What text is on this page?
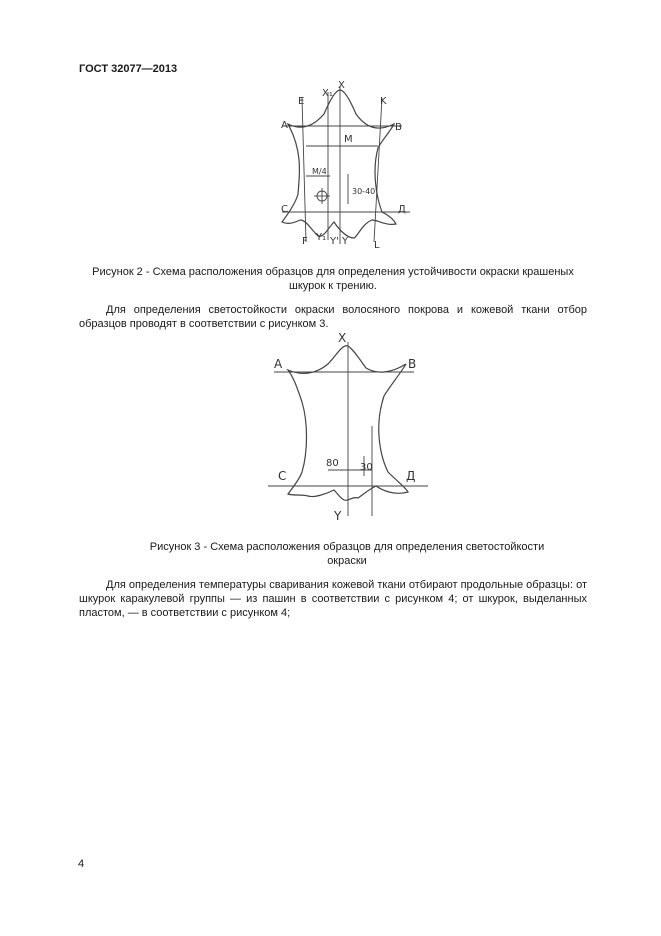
ГОСТ 32077—2013
X
X₁
E	K
A	B
M
M/4
30-40
C	Д
F Y₁ Y' Y	L
Рисунок 2 - Схема расположения образцов для определения устойчивости окраски крашеных шкурок к трению.
Для определения светостойкости окраски волосяного покрова и кожевой ткани отбор образцов проводят в соответствии с рисунком 3.
X
A	B
80 30
C	Д
Y
Рисунок 3 - Схема расположения образцов для определения светостойкости окраски
Для определения температуры сваривания кожевой ткани отбирают продольные образцы: от шкурок каракулевой группы — из пашин в соответствии с рисунком 4; от шкурок, выделанных пластом, — в соответствии с рисунком 4;
4
